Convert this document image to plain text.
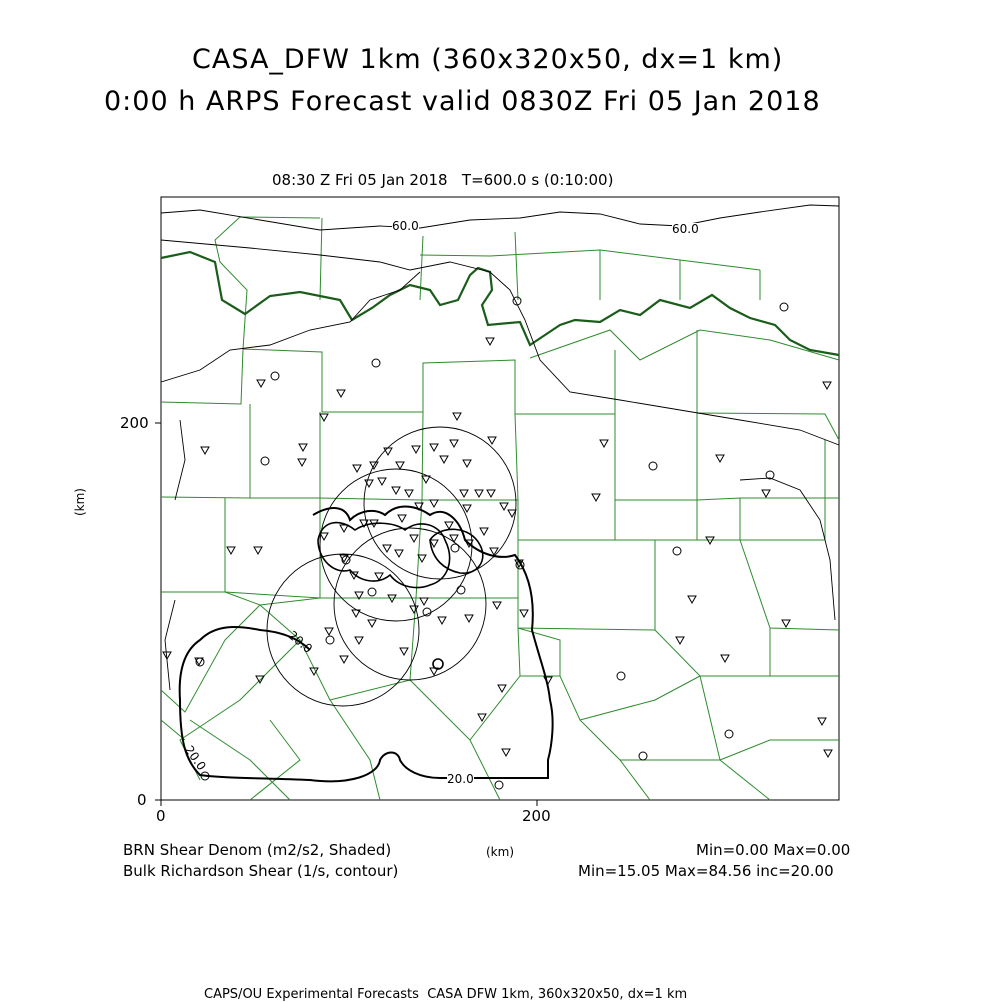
CASA_DFW 1km (360x320x50, dx=1 km)
0:00 h ARPS Forecast valid 0830Z Fri 05 Jan 2018
08:30 Z Fri 05 Jan 2018   T=600.0 s (0:10:00)
60.0	60.0
20.0
20.0
20.0
0	200
0
200
(km)
(km)
BRN Shear Denom (m2/s2, Shaded)	Min=0.00 Max=0.00
Bulk Richardson Shear (1/s, contour)	Min=15.05 Max=84.56 inc=20.00
CAPS/OU Experimental Forecasts  CASA DFW 1km, 360x320x50, dx=1 km
